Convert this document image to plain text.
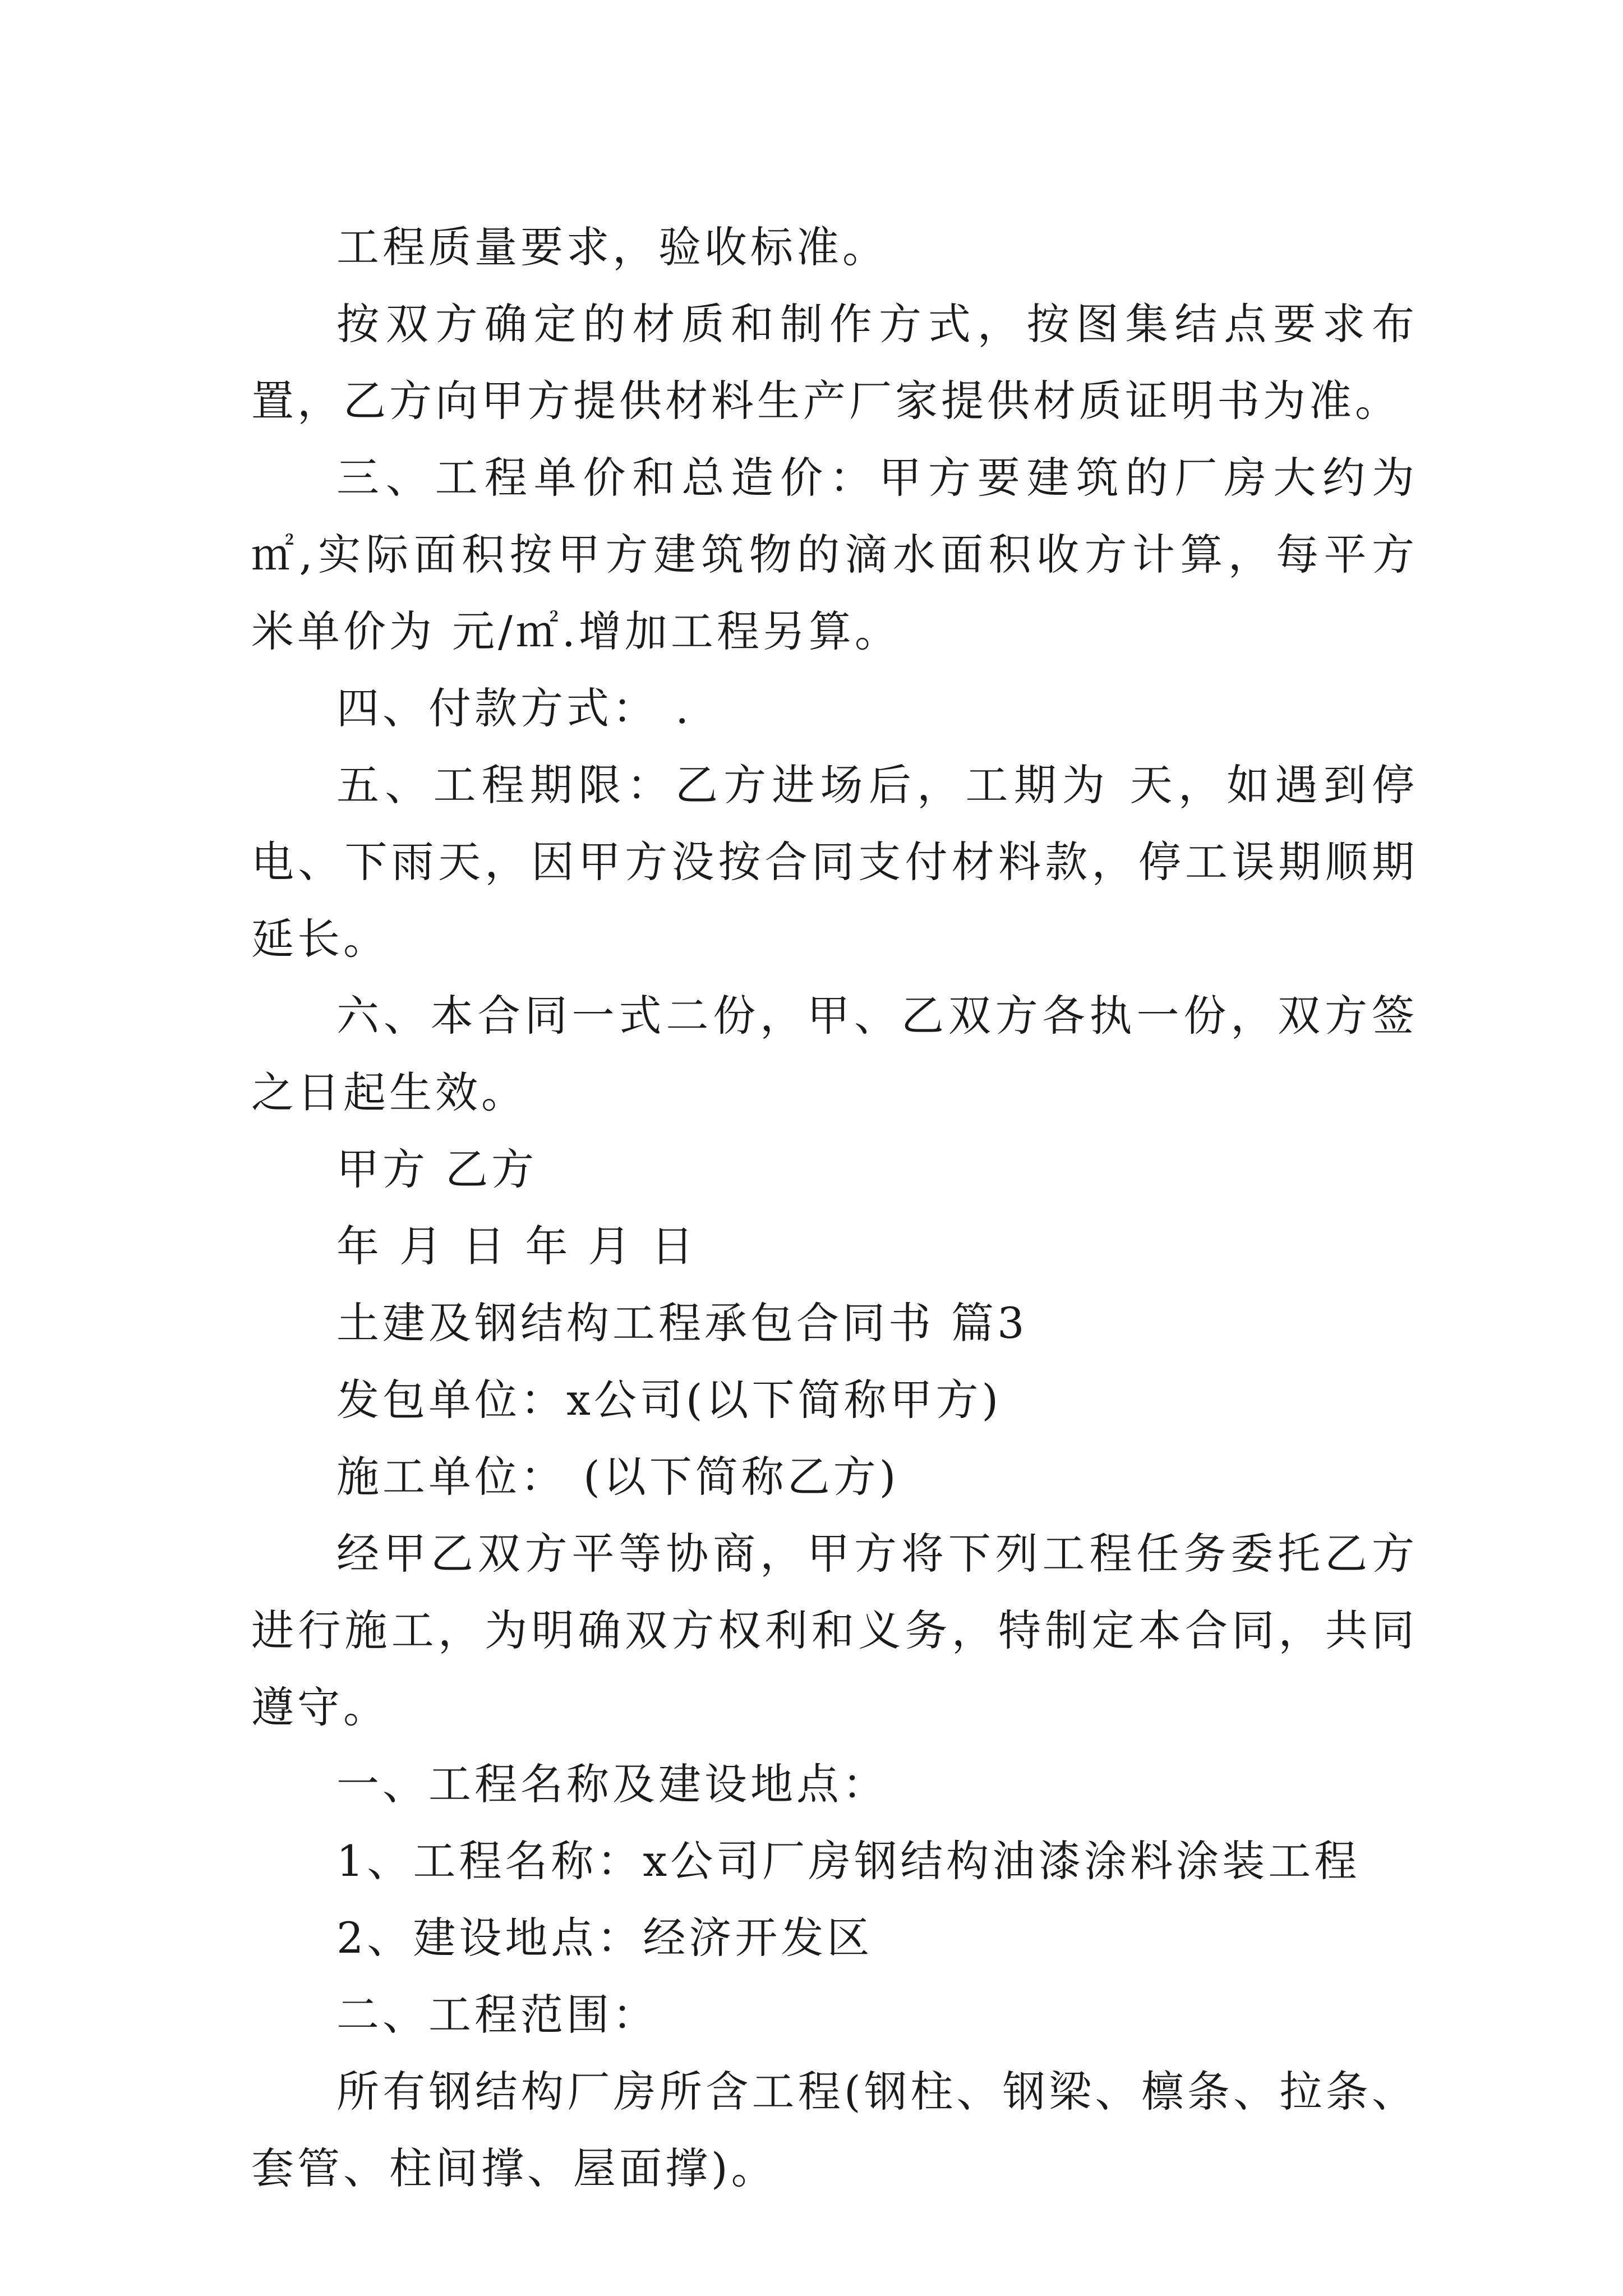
工程质量要求，验收标准。

按双方确定的材质和制作方式，按图集结点要求布置，乙方向甲方提供材料生产厂家提供材质证明书为准。

三、工程单价和总造价：甲方要建筑的厂房大约为 ㎡,实际面积按甲方建筑物的滴水面积收方计算，每平方米单价为 元/㎡.增加工程另算。

四、付款方式： .

五、工程期限：乙方进场后，工期为 天，如遇到停电、下雨天，因甲方没按合同支付材料款，停工误期顺期延长。

六、本合同一式二份，甲、乙双方各执一份，双方签之日起生效。

甲方 乙方

年 月 日 年 月 日

土建及钢结构工程承包合同书 篇3

发包单位：x公司(以下简称甲方)

施工单位： (以下简称乙方)

经甲乙双方平等协商，甲方将下列工程任务委托乙方进行施工，为明确双方权利和义务，特制定本合同，共同遵守。

一、工程名称及建设地点：

1、工程名称：x公司厂房钢结构油漆涂料涂装工程

2、建设地点：经济开发区

二、工程范围：

所有钢结构厂房所含工程(钢柱、钢梁、檩条、拉条、套管、柱间撑、屋面撑)。
